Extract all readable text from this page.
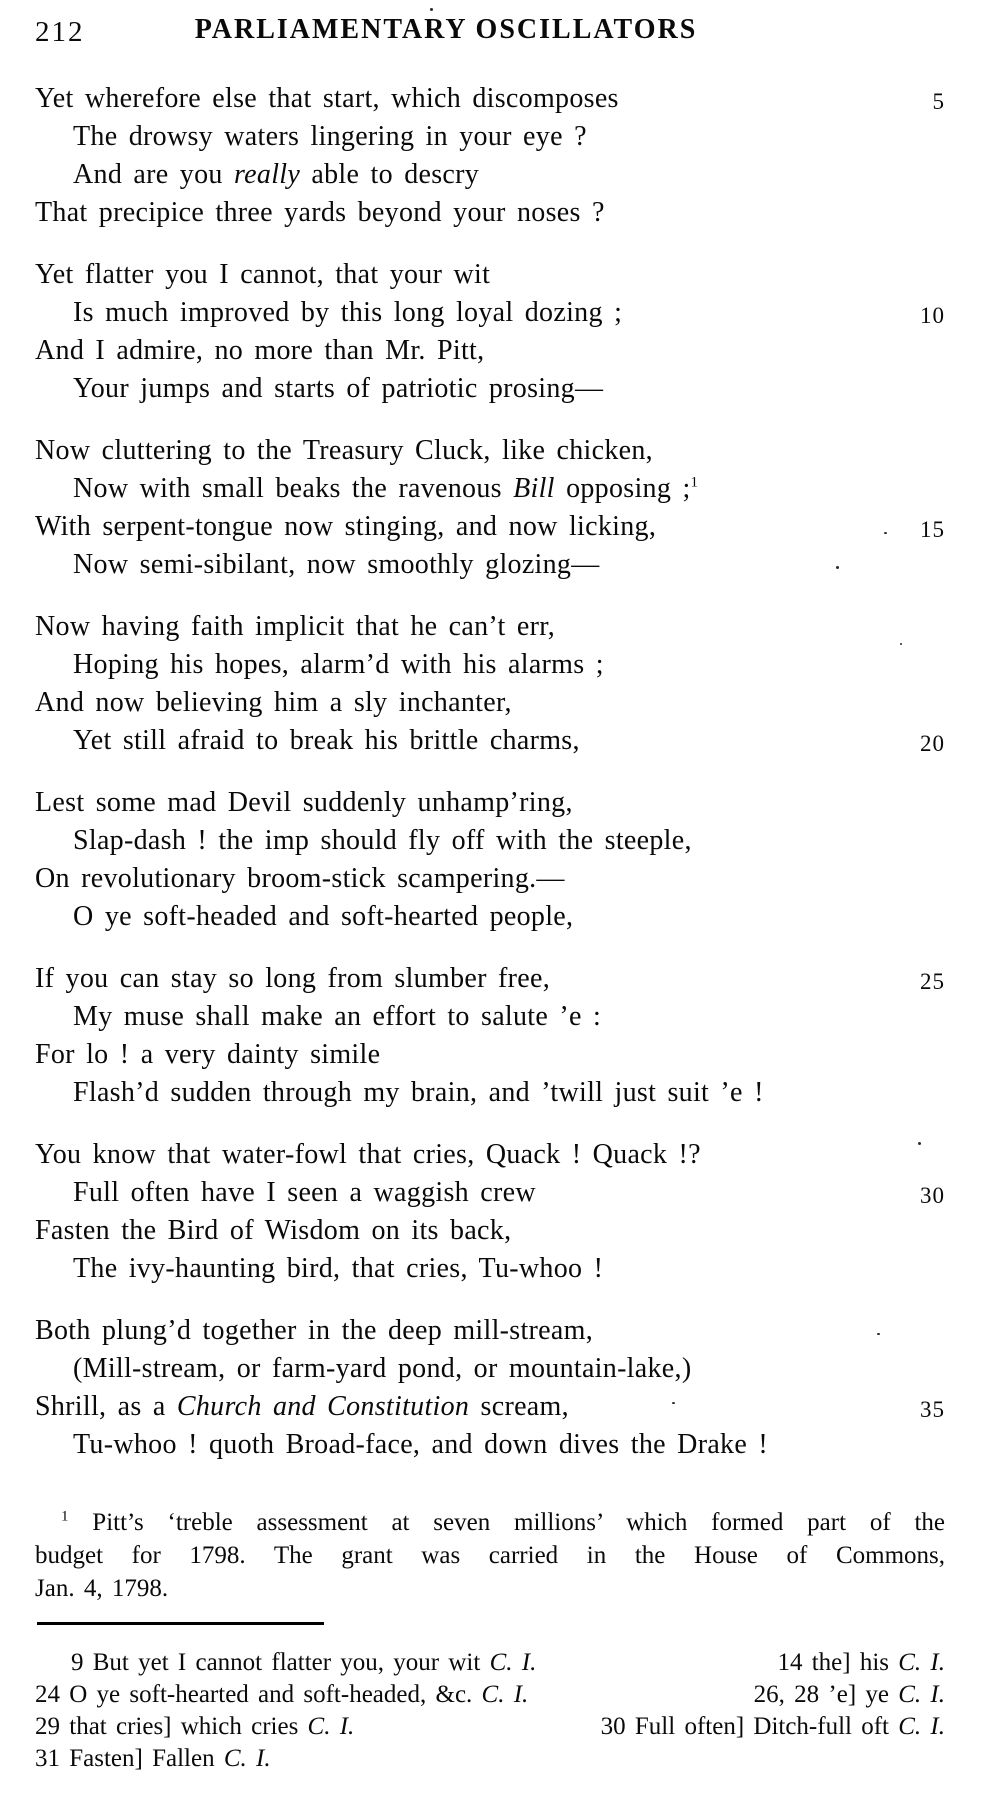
212	PARLIAMENTARY OSCILLATORS
Yet wherefore else that start, which discomposes	5
The drowsy waters lingering in your eye ?
And are you really able to descry
That precipice three yards beyond your noses ?
Yet flatter you I cannot, that your wit
Is much improved by this long loyal dozing ;	10
And I admire, no more than Mr. Pitt,
Your jumps and starts of patriotic prosing—
Now cluttering to the Treasury Cluck, like chicken,
Now with small beaks the ravenous Bill opposing ;$^1$
With serpent-tongue now stinging, and now licking,	15
Now semi-sibilant, now smoothly glozing—
Now having faith implicit that he can’t err,
Hoping his hopes, alarm’d with his alarms ;
And now believing him a sly inchanter,
Yet still afraid to break his brittle charms,	20
Lest some mad Devil suddenly unhamp’ring,
Slap-dash ! the imp should fly off with the steeple,
On revolutionary broom-stick scampering.—
O ye soft-headed and soft-hearted people,
If you can stay so long from slumber free,	25
My muse shall make an effort to salute ’e :
For lo ! a very dainty simile
Flash’d sudden through my brain, and ’twill just suit ’e !
You know that water-fowl that cries, Quack ! Quack !?
Full often have I seen a waggish crew	30
Fasten the Bird of Wisdom on its back,
The ivy-haunting bird, that cries, Tu-whoo !
Both plung’d together in the deep mill-stream,
(Mill-stream, or farm-yard pond, or mountain-lake,)
Shrill, as a Church and Constitution scream,	35
Tu-whoo ! quoth Broad-face, and down dives the Drake !
$^1$ Pitt’s ‘treble assessment at seven millions’ which formed part of the
budget for 1798. The grant was carried in the House of Commons,
Jan. 4, 1798.
9 But yet I cannot flatter you, your wit C. I.	14 the] his C. I.
24 O ye soft-hearted and soft-headed, &c. C. I.	26, 28 ’e] ye C. I.
29 that cries] which cries C. I.	30 Full often] Ditch-full oft C. I.
31 Fasten] Fallen C. I.
